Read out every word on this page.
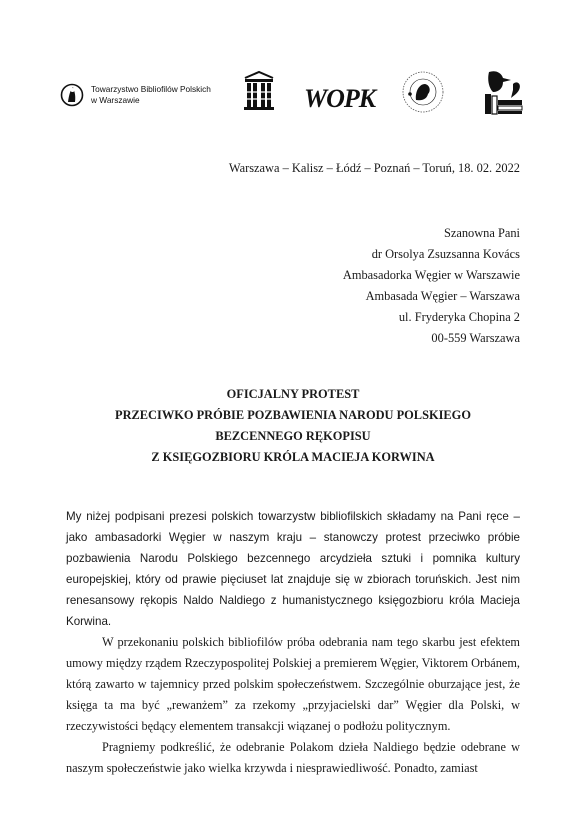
Towarzystwo Bibliofilów Polskich
w Warszawie	WOPK
Warszawa – Kalisz – Łódź – Poznań – Toruń, 18. 02. 2022
Szanowna Pani
dr Orsolya Zsuzsanna Kovács
Ambasadorka Węgier w Warszawie
Ambasada Węgier – Warszawa
ul. Fryderyka Chopina 2
00-559 Warszawa
OFICJALNY PROTEST
PRZECIWKO PRÓBIE POZBAWIENIA NARODU POLSKIEGO
BEZCENNEGO RĘKOPISU
Z KSIĘGOZBIORU KRÓLA MACIEJA KORWINA

My niżej podpisani prezesi polskich towarzystw bibliofilskich składamy na Pani ręce – jako ambasadorki Węgier w naszym kraju – stanowczy protest przeciwko próbie pozbawienia Narodu Polskiego bezcennego arcydzieła sztuki i pomnika kultury europejskiej, który od prawie pięciuset lat znajduje się w zbiorach toruńskich. Jest nim renesansowy rękopis Naldo Naldiego z humanistycznego księgozbioru króla Macieja Korwina.

W przekonaniu polskich bibliofilów próba odebrania nam tego skarbu jest efektem umowy między rządem Rzeczypospolitej Polskiej a premierem Węgier, Viktorem Orbánem, którą zawarto w tajemnicy przed polskim społeczeństwem. Szczególnie oburzające jest, że księga ta ma być „rewanżem” za rzekomy „przyjacielski dar” Węgier dla Polski, w rzeczywistości będący elementem transakcji wiązanej o podłożu politycznym.

Pragniemy podkreślić, że odebranie Polakom dzieła Naldiego będzie odebrane w naszym społeczeństwie jako wielka krzywda i niesprawiedliwość. Ponadto, zamiast
